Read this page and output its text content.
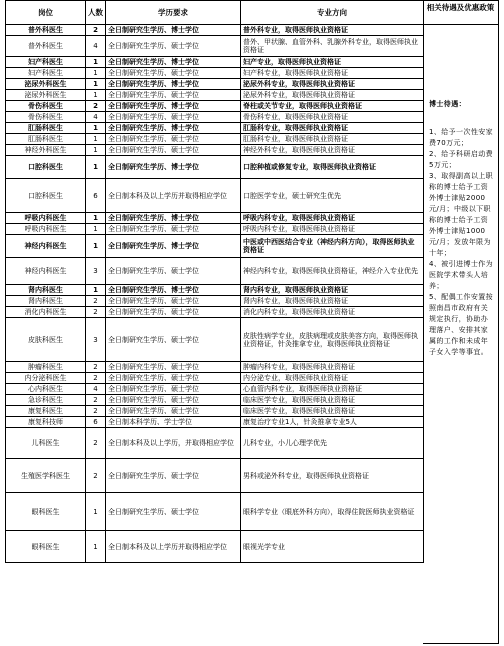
岗位	人数	学历要求	专业方向
普外科医生	2	全日制研究生学历、博士学位	普外科专业，取得医师执业资格证
普外科医生	4	全日制研究生学历、硕士学位	普外、甲状腺、血管外科、乳腺外科专业，取得医师执业资格证
妇产科医生	1	全日制研究生学历、博士学位	妇产专业，取得医师执业资格证
妇产科医生	1	全日制研究生学历、硕士学位	妇产科专业，取得医师执业资格证
泌尿外科医生	1	全日制研究生学历、博士学位	泌尿外科专业，取得医师执业资格证
泌尿外科医生	1	全日制研究生学历、硕士学位	泌尿外科专业，取得医师执业资格证
骨伤科医生	2	全日制研究生学历、博士学位	脊柱或关节专业，取得医师执业资格证
骨伤科医生	4	全日制研究生学历、硕士学位	骨伤科专业，取得医师执业资格证
肛肠科医生	1	全日制研究生学历、博士学位	肛肠科专业，取得医师执业资格证
肛肠科医生	1	全日制研究生学历、硕士学位	肛肠科专业，取得医师执业资格证
神经外科医生	1	全日制研究生学历、硕士学位	神经外科专业，取得医师执业资格证
口腔科医生	1	全日制研究生学历、博士学位	口腔种植或修复专业，取得医师执业资格证
口腔科医生	6	全日制本科及以上学历并取得相应学位	口腔医学专业，硕士研究生优先
呼吸内科医生	1	全日制研究生学历、博士学位	呼吸内科专业，取得医师执业资格证
呼吸内科医生	1	全日制研究生学历、硕士学位	呼吸内科专业，取得医师执业资格证
神经内科医生	1	全日制研究生学历、博士学位	中医或中西医结合专业（神经内科方向），取得医师执业资格证
神经内科医生	3	全日制研究生学历、硕士学位	神经内科专业，取得医师执业资格证，神经介入专业优先
肾内科医生	1	全日制研究生学历、博士学位	肾内科专业，取得医师执业资格证
肾内科医生	2	全日制研究生学历、硕士学位	肾内科专业，取得医师执业资格证
消化内科医生	2	全日制研究生学历、硕士学位	消化内科专业，取得医师执业资格证
皮肤科医生	3	全日制研究生学历、硕士学位	皮肤性病学专业，皮肤病理或皮肤美容方向，取得医师执业资格证，针灸推拿专业，取得医师执业资格证
肿瘤科医生	2	全日制研究生学历、硕士学位	肿瘤内科专业，取得医师执业资格证
内分泌科医生	2	全日制研究生学历、硕士学位	内分泌专业，取得医师执业资格证
心内科医生	4	全日制研究生学历、硕士学位	心血管内科专业，取得医师执业资格证
急诊科医生	2	全日制研究生学历、硕士学位	临床医学专业，取得医师执业资格证
康复科医生	2	全日制研究生学历、硕士学位	临床医学专业，取得医师执业资格证
康复科技师	6	全日制本科学历、学士学位	康复治疗专业1人，针灸推拿专业5人
儿科医生	2	全日制本科及以上学历，并取得相应学位	儿科专业，小儿心理学优先
生殖医学科医生	2	全日制研究生学历、硕士学位	男科或泌外科专业，取得医师执业资格证
眼科医生	1	全日制研究生学历、硕士学位	眼科学专业（眼底外科方向），取得住院医师执业资格证
眼科医生	1	全日制本科及以上学历并取得相应学位	眼视光学专业
相关待遇及优惠政策
博士待遇：
1、给予一次性安家费70万元；
2、给予科研启动费5万元；
3、取得副高以上职称的博士给予工资外博士津贴2000元/月；中级以下职称的博士给予工资外博士津贴1000元/月；发放年限为十年；
4、被引进博士作为医院学术带头人培养；
5、配偶工作安置按照南昌市政府有关规定执行，协助办理落户、安排其家属的工作和未成年子女入学等事宜。
